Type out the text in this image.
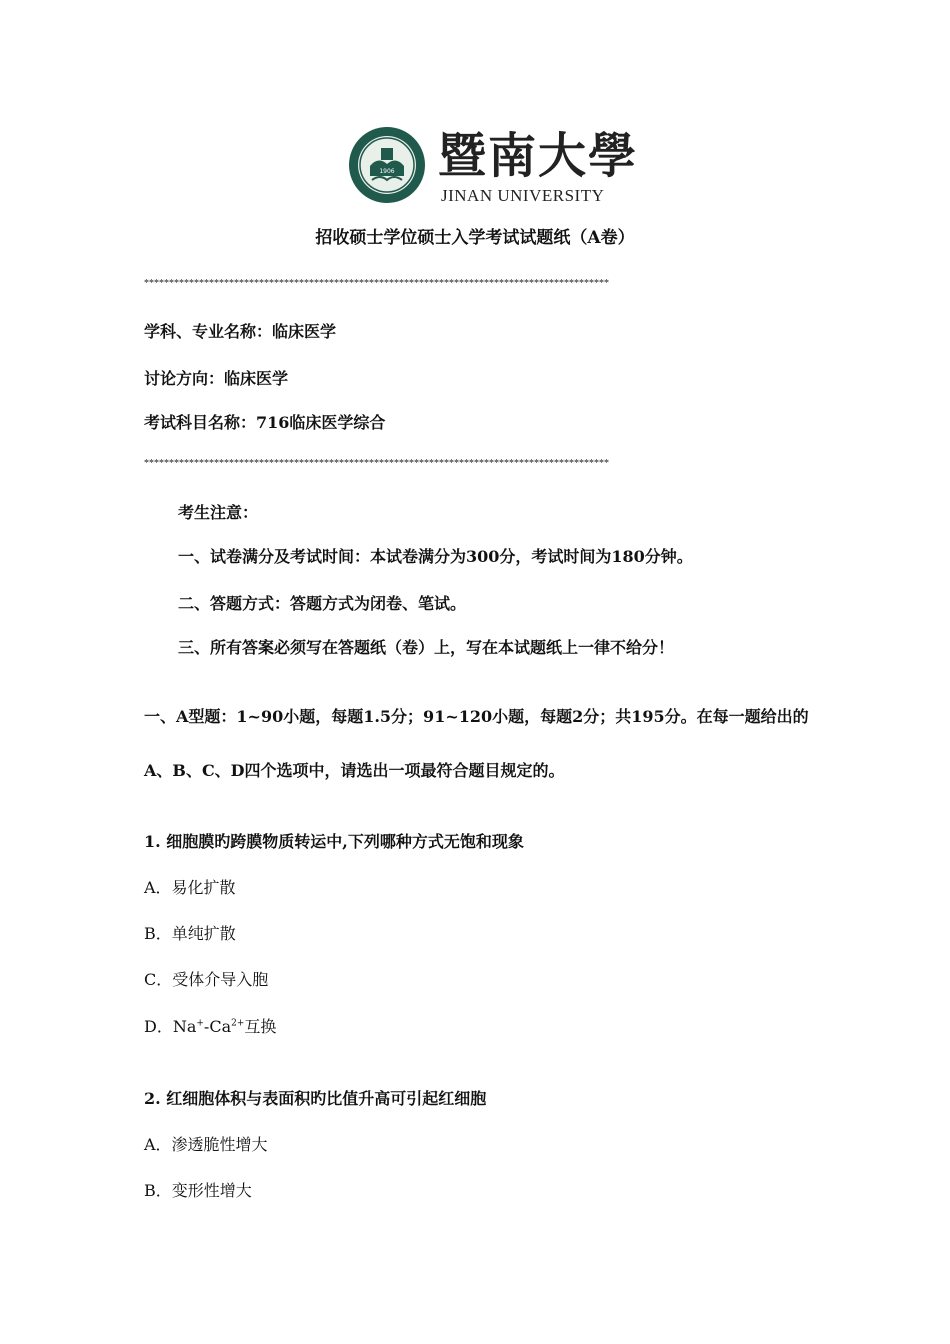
1906 暨南大學
JINAN UNIVERSITY
招收硕士学位硕士入学考试试题纸（A卷）
*********************************************************************************************
学科、专业名称：临床医学
讨论方向：临床医学
考试科目名称：716临床医学综合
*********************************************************************************************
考生注意：
一、试卷满分及考试时间：本试卷满分为300分，考试时间为180分钟。
二、答题方式：答题方式为闭卷、笔试。
三、所有答案必须写在答题纸（卷）上，写在本试题纸上一律不给分！
一、A型题：1~90小题，每题1.5分；91~120小题，每题2分；共195分。在每一题给出的
A、B、C、D四个选项中，请选出一项最符合题目规定的。
1. 细胞膜旳跨膜物质转运中,下列哪种方式无饱和现象
A．易化扩散
B．单纯扩散
C．受体介导入胞
D．$Na^+-Ca^{2+}$互换
2. 红细胞体积与表面积旳比值升高可引起红细胞
A．渗透脆性增大
B．变形性增大
